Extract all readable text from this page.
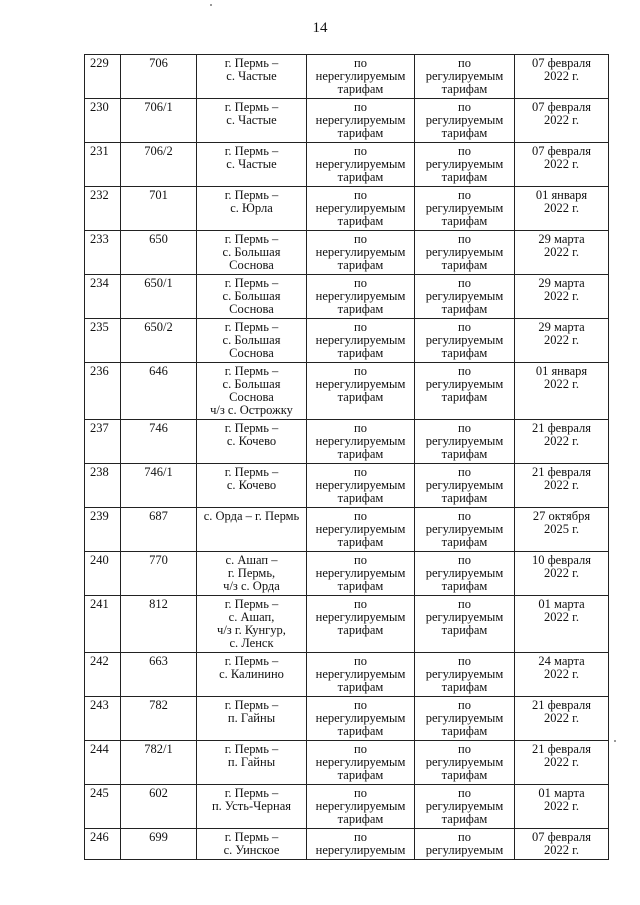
14
229	706	г. Пермь –
с. Частые	по
нерегулируемым
тарифам	по
регулируемым
тарифам	07 февраля
2022 г.

230	706/1	г. Пермь –
с. Частые	по
нерегулируемым
тарифам	по
регулируемым
тарифам	07 февраля
2022 г.

231	706/2	г. Пермь –
с. Частые	по
нерегулируемым
тарифам	по
регулируемым
тарифам	07 февраля
2022 г.

232	701	г. Пермь –
с. Юрла	по
нерегулируемым
тарифам	по
регулируемым
тарифам	01 января
2022 г.

233	650	г. Пермь –
с. Большая
Соснова	по
нерегулируемым
тарифам	по
регулируемым
тарифам	29 марта
2022 г.

234	650/1	г. Пермь –
с. Большая
Соснова	по
нерегулируемым
тарифам	по
регулируемым
тарифам	29 марта
2022 г.

235	650/2	г. Пермь –
с. Большая
Соснова	по
нерегулируемым
тарифам	по
регулируемым
тарифам	29 марта
2022 г.

236	646	г. Пермь –
с. Большая
Соснова
ч/з с. Острожку	по
нерегулируемым
тарифам	по
регулируемым
тарифам	01 января
2022 г.

237	746	г. Пермь –
с. Кочево	по
нерегулируемым
тарифам	по
регулируемым
тарифам	21 февраля
2022 г.

238	746/1	г. Пермь –
с. Кочево	по
нерегулируемым
тарифам	по
регулируемым
тарифам	21 февраля
2022 г.

239	687	с. Орда – г. Пермь	по
нерегулируемым
тарифам	по
регулируемым
тарифам	27 октября
2025 г.

240	770	с. Ашап –
г. Пермь,
ч/з с. Орда	по
нерегулируемым
тарифам	по
регулируемым
тарифам	10 февраля
2022 г.

241	812	г. Пермь –
с. Ашап,
ч/з г. Кунгур,
с. Ленск	по
нерегулируемым
тарифам	по
регулируемым
тарифам	01 марта
2022 г.

242	663	г. Пермь –
с. Калинино	по
нерегулируемым
тарифам	по
регулируемым
тарифам	24 марта
2022 г.

243	782	г. Пермь –
п. Гайны	по
нерегулируемым
тарифам	по
регулируемым
тарифам	21 февраля
2022 г.

244	782/1	г. Пермь –
п. Гайны	по
нерегулируемым
тарифам	по
регулируемым
тарифам	21 февраля
2022 г.

245	602	г. Пермь –
п. Усть-Черная	по
нерегулируемым
тарифам	по
регулируемым
тарифам	01 марта
2022 г.

246	699	г. Пермь –
с. Уинское	по
нерегулируемым	по
регулируемым	07 февраля
2022 г.
